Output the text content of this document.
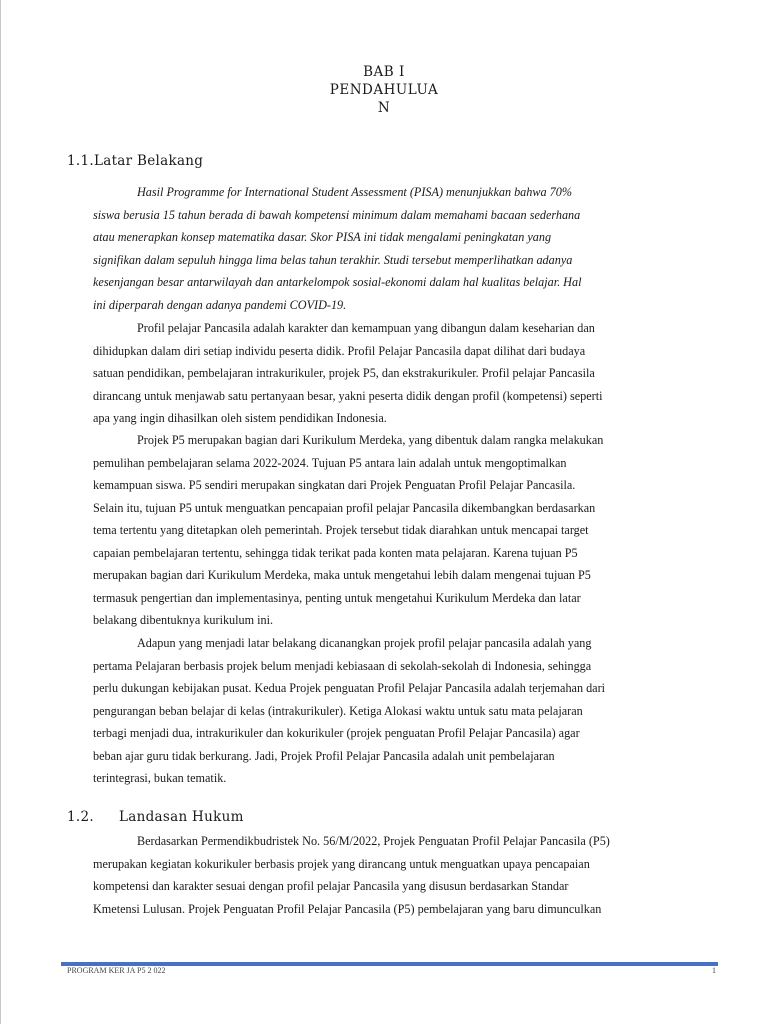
BAB I
PENDAHULUA
N
1.1.Latar Belakang
Hasil Programme for International Student Assessment (PISA) menunjukkan bahwa 70%
siswa berusia 15 tahun berada di bawah kompetensi minimum dalam memahami bacaan sederhana
atau menerapkan konsep matematika dasar. Skor PISA ini tidak mengalami peningkatan yang
signifikan dalam sepuluh hingga lima belas tahun terakhir. Studi tersebut memperlihatkan adanya
kesenjangan besar antarwilayah dan antarkelompok sosial-ekonomi dalam hal kualitas belajar. Hal
ini diperparah dengan adanya pandemi COVID-19.
Profil pelajar Pancasila adalah karakter dan kemampuan yang dibangun dalam keseharian dan
dihidupkan dalam diri setiap individu peserta didik. Profil Pelajar Pancasila dapat dilihat dari budaya
satuan pendidikan, pembelajaran intrakurikuler, projek P5, dan ekstrakurikuler. Profil pelajar Pancasila
dirancang untuk menjawab satu pertanyaan besar, yakni peserta didik dengan profil (kompetensi) seperti
apa yang ingin dihasilkan oleh sistem pendidikan Indonesia.
Projek P5 merupakan bagian dari Kurikulum Merdeka, yang dibentuk dalam rangka melakukan
pemulihan pembelajaran selama 2022-2024. Tujuan P5 antara lain adalah untuk mengoptimalkan
kemampuan siswa. P5 sendiri merupakan singkatan dari Projek Penguatan Profil Pelajar Pancasila.
Selain itu, tujuan P5 untuk menguatkan pencapaian profil pelajar Pancasila dikembangkan berdasarkan
tema tertentu yang ditetapkan oleh pemerintah. Projek tersebut tidak diarahkan untuk mencapai target
capaian pembelajaran tertentu, sehingga tidak terikat pada konten mata pelajaran. Karena tujuan P5
merupakan bagian dari Kurikulum Merdeka, maka untuk mengetahui lebih dalam mengenai tujuan P5
termasuk pengertian dan implementasinya, penting untuk mengetahui Kurikulum Merdeka dan latar
belakang dibentuknya kurikulum ini.
Adapun yang menjadi latar belakang dicanangkan projek profil pelajar pancasila adalah yang
pertama Pelajaran berbasis projek belum menjadi kebiasaan di sekolah-sekolah di Indonesia, sehingga
perlu dukungan kebijakan pusat. Kedua Projek penguatan Profil Pelajar Pancasila adalah terjemahan dari
pengurangan beban belajar di kelas (intrakurikuler). Ketiga Alokasi waktu untuk satu mata pelajaran
terbagi menjadi dua, intrakurikuler dan kokurikuler (projek penguatan Profil Pelajar Pancasila) agar
beban ajar guru tidak berkurang. Jadi, Projek Profil Pelajar Pancasila adalah unit pembelajaran
terintegrasi, bukan tematik.
1.2. Landasan Hukum
Berdasarkan Permendikbudristek No. 56/M/2022, Projek Penguatan Profil Pelajar Pancasila (P5)
merupakan kegiatan kokurikuler berbasis projek yang dirancang untuk menguatkan upaya pencapaian
kompetensi dan karakter sesuai dengan profil pelajar Pancasila yang disusun berdasarkan Standar
Kmetensi Lulusan. Projek Penguatan Profil Pelajar Pancasila (P5) pembelajaran yang baru dimunculkan
PROGRAM KER JA P5 2 022	1
